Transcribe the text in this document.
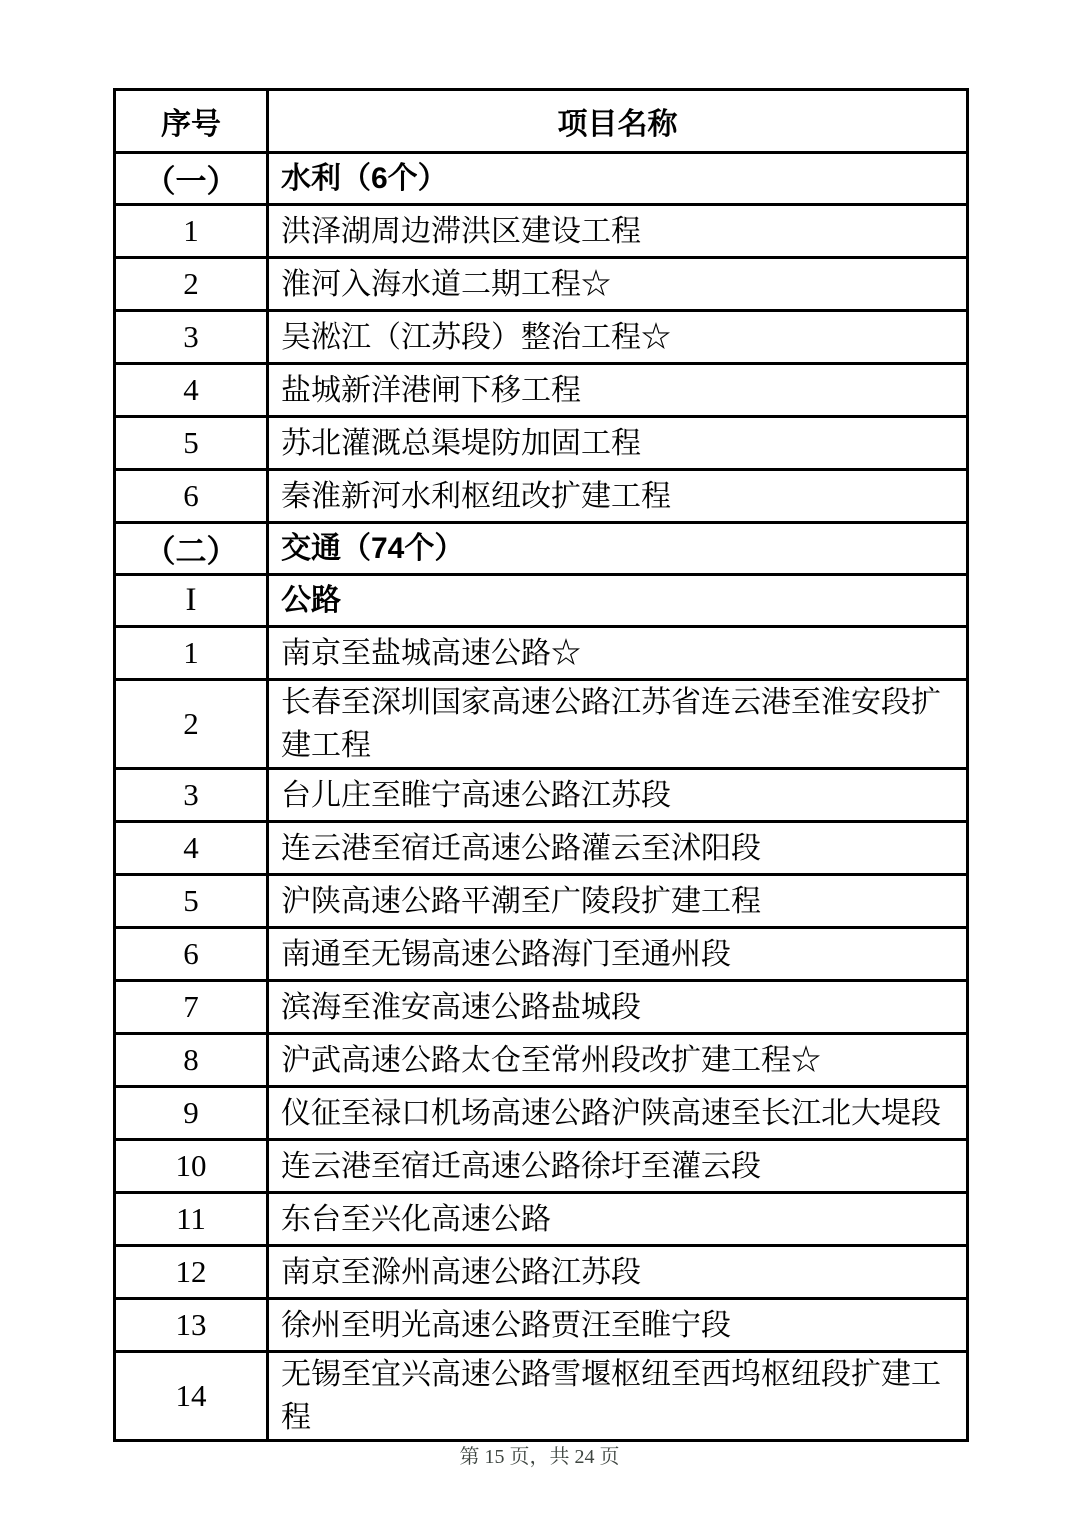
序号	项目名称
（一）	水利（6个）
1	洪泽湖周边滞洪区建设工程
2	淮河入海水道二期工程☆
3	吴淞江（江苏段）整治工程☆
4	盐城新洋港闸下移工程
5	苏北灌溉总渠堤防加固工程
6	秦淮新河水利枢纽改扩建工程
（二）	交通（74个）
I	公路
1	南京至盐城高速公路☆
2	长春至深圳国家高速公路江苏省连云港至淮安段扩建工程
3	台儿庄至睢宁高速公路江苏段
4	连云港至宿迁高速公路灌云至沭阳段
5	沪陕高速公路平潮至广陵段扩建工程
6	南通至无锡高速公路海门至通州段
7	滨海至淮安高速公路盐城段
8	沪武高速公路太仓至常州段改扩建工程☆
9	仪征至禄口机场高速公路沪陕高速至长江北大堤段
10	连云港至宿迁高速公路徐圩至灌云段
11	东台至兴化高速公路
12	南京至滁州高速公路江苏段
13	徐州至明光高速公路贾汪至睢宁段
14	无锡至宜兴高速公路雪堰枢纽至西坞枢纽段扩建工程
第 15 页，共 24 页
